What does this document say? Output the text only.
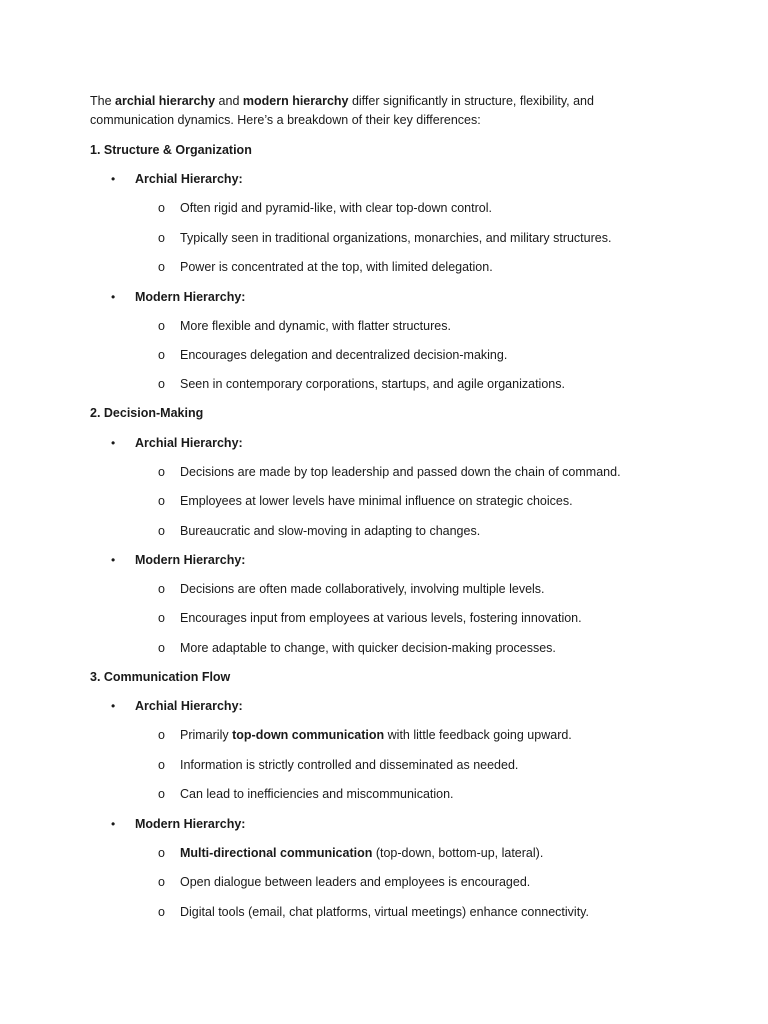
The archial hierarchy and modern hierarchy differ significantly in structure, flexibility, and communication dynamics. Here’s a breakdown of their key differences:
1. Structure & Organization
• Archial Hierarchy:
o Often rigid and pyramid-like, with clear top-down control.
o Typically seen in traditional organizations, monarchies, and military structures.
o Power is concentrated at the top, with limited delegation.
• Modern Hierarchy:
o More flexible and dynamic, with flatter structures.
o Encourages delegation and decentralized decision-making.
o Seen in contemporary corporations, startups, and agile organizations.
2. Decision-Making
• Archial Hierarchy:
o Decisions are made by top leadership and passed down the chain of command.
o Employees at lower levels have minimal influence on strategic choices.
o Bureaucratic and slow-moving in adapting to changes.
• Modern Hierarchy:
o Decisions are often made collaboratively, involving multiple levels.
o Encourages input from employees at various levels, fostering innovation.
o More adaptable to change, with quicker decision-making processes.
3. Communication Flow
• Archial Hierarchy:
o Primarily top-down communication with little feedback going upward.
o Information is strictly controlled and disseminated as needed.
o Can lead to inefficiencies and miscommunication.
• Modern Hierarchy:
o Multi-directional communication (top-down, bottom-up, lateral).
o Open dialogue between leaders and employees is encouraged.
o Digital tools (email, chat platforms, virtual meetings) enhance connectivity.
